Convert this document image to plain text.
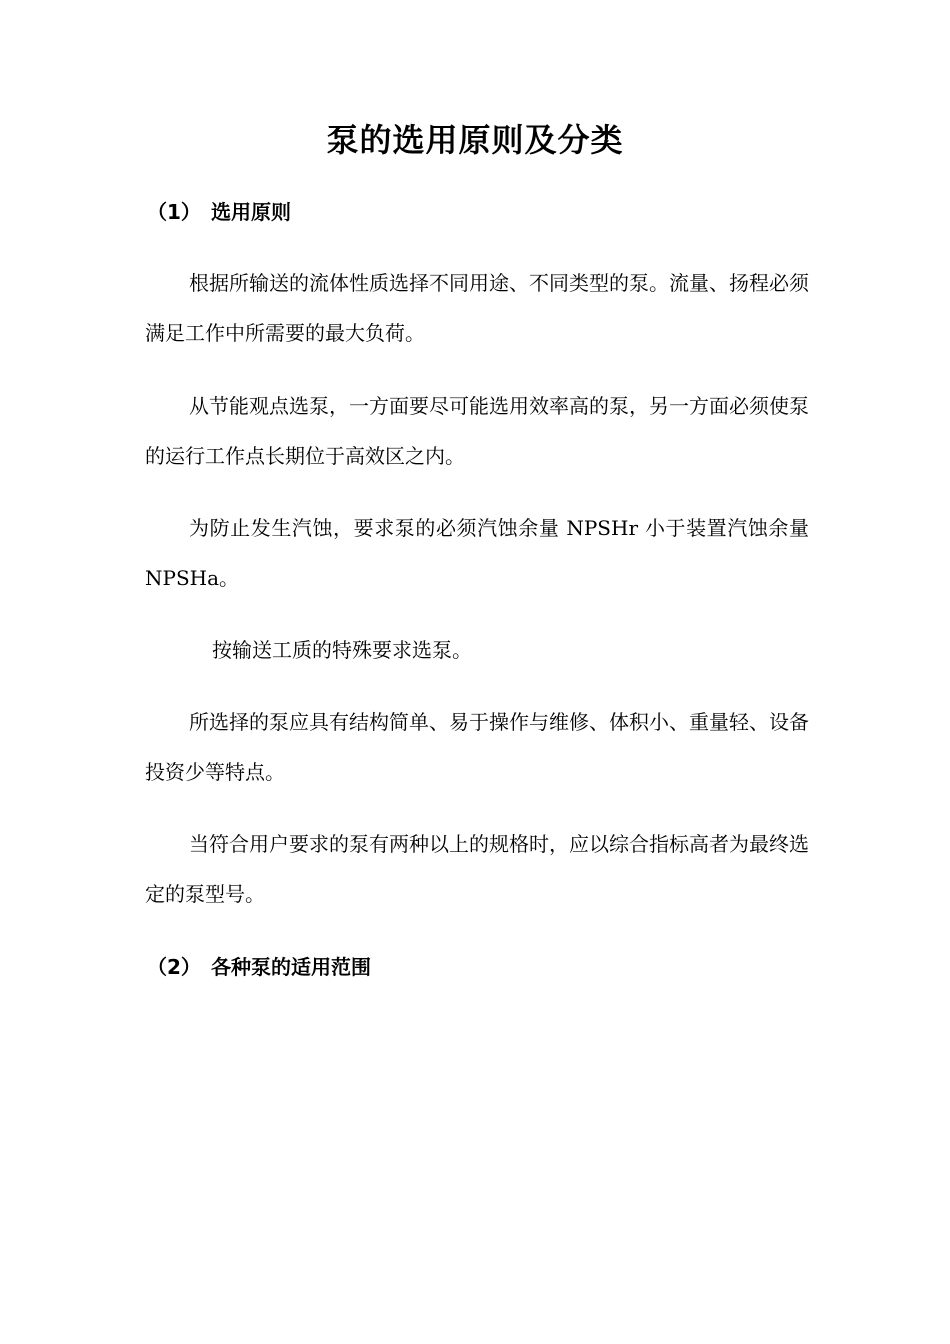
泵的选用原则及分类
（1） 选用原则

根据所输送的流体性质选择不同用途、不同类型的泵。流量、扬程必须满足工作中所需要的最大负荷。

从节能观点选泵，一方面要尽可能选用效率高的泵，另一方面必须使泵的运行工作点长期位于高效区之内。

为防止发生汽蚀，要求泵的必须汽蚀余量 NPSHr 小于装置汽蚀余量 NPSHa。

按输送工质的特殊要求选泵。

所选择的泵应具有结构简单、易于操作与维修、体积小、重量轻、设备投资少等特点。

当符合用户要求的泵有两种以上的规格时，应以综合指标高者为最终选定的泵型号。

（2） 各种泵的适用范围
